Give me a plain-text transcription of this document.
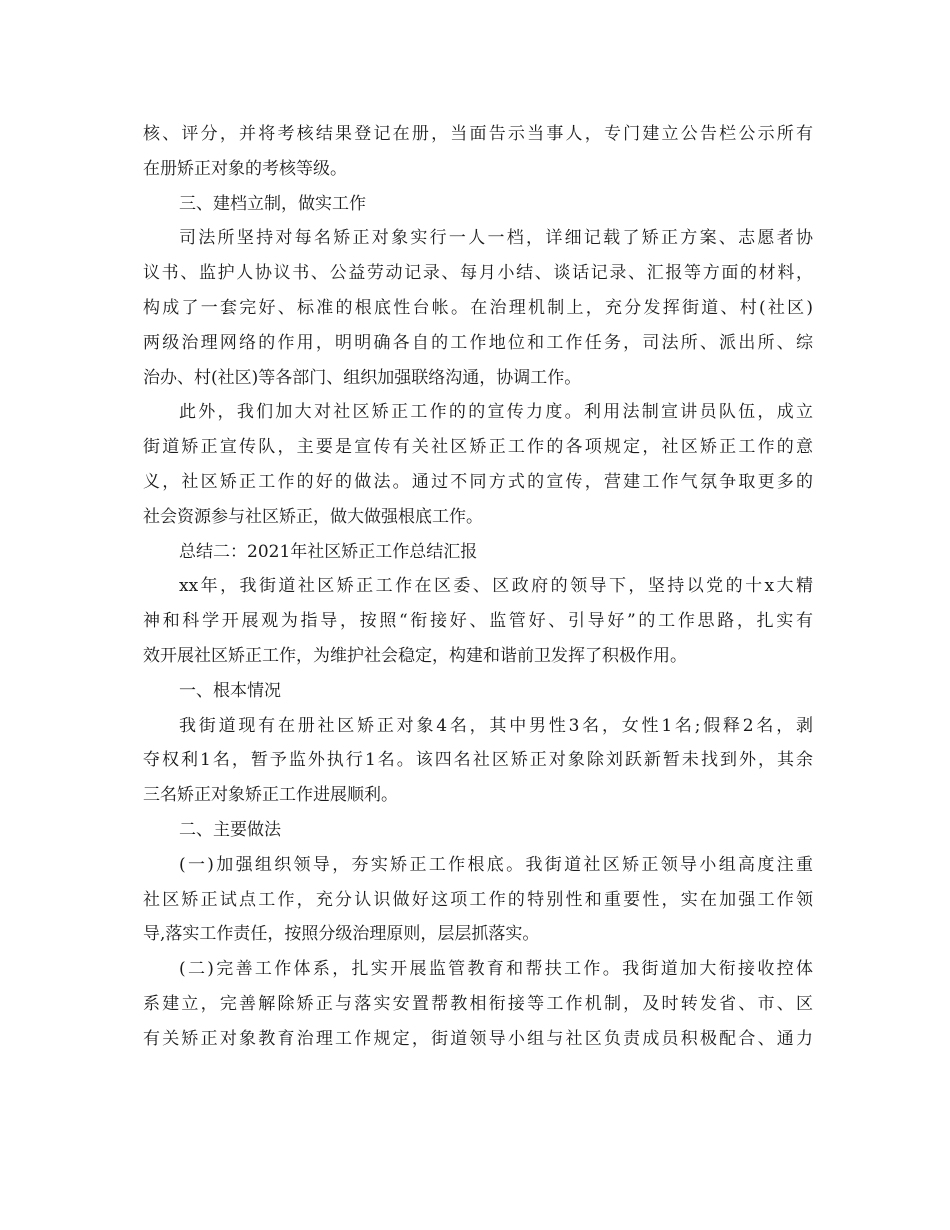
核、评分，并将考核结果登记在册，当面告示当事人，专门建立公告栏公示所有
在册矫正对象的考核等级。
三、建档立制，做实工作
司法所坚持对每名矫正对象实行一人一档，详细记载了矫正方案、志愿者协
议书、监护人协议书、公益劳动记录、每月小结、谈话记录、汇报等方面的材料，
构成了一套完好、标准的根底性台帐。在治理机制上，充分发挥街道、村(社区)
两级治理网络的作用，明明确各自的工作地位和工作任务，司法所、派出所、综
治办、村(社区)等各部门、组织加强联络沟通，协调工作。
此外，我们加大对社区矫正工作的的宣传力度。利用法制宣讲员队伍，成立
街道矫正宣传队，主要是宣传有关社区矫正工作的各项规定，社区矫正工作的意
义，社区矫正工作的好的做法。通过不同方式的宣传，营建工作气氛争取更多的
社会资源参与社区矫正，做大做强根底工作。
总结二：2021年社区矫正工作总结汇报
xx年，我街道社区矫正工作在区委、区政府的领导下，坚持以党的十x大精
神和科学开展观为指导，按照“衔接好、监管好、引导好”的工作思路，扎实有
效开展社区矫正工作，为维护社会稳定，构建和谐前卫发挥了积极作用。
一、根本情况
我街道现有在册社区矫正对象4名，其中男性3名，女性1名;假释2名，剥
夺权利1名，暂予监外执行1名。该四名社区矫正对象除刘跃新暂未找到外，其余
三名矫正对象矫正工作进展顺利。
二、主要做法
(一)加强组织领导，夯实矫正工作根底。我街道社区矫正领导小组高度注重
社区矫正试点工作，充分认识做好这项工作的特别性和重要性，实在加强工作领
导,落实工作责任，按照分级治理原则，层层抓落实。
(二)完善工作体系，扎实开展监管教育和帮扶工作。我街道加大衔接收控体
系建立，完善解除矫正与落实安置帮教相衔接等工作机制，及时转发省、市、区
有关矫正对象教育治理工作规定，街道领导小组与社区负责成员积极配合、通力
